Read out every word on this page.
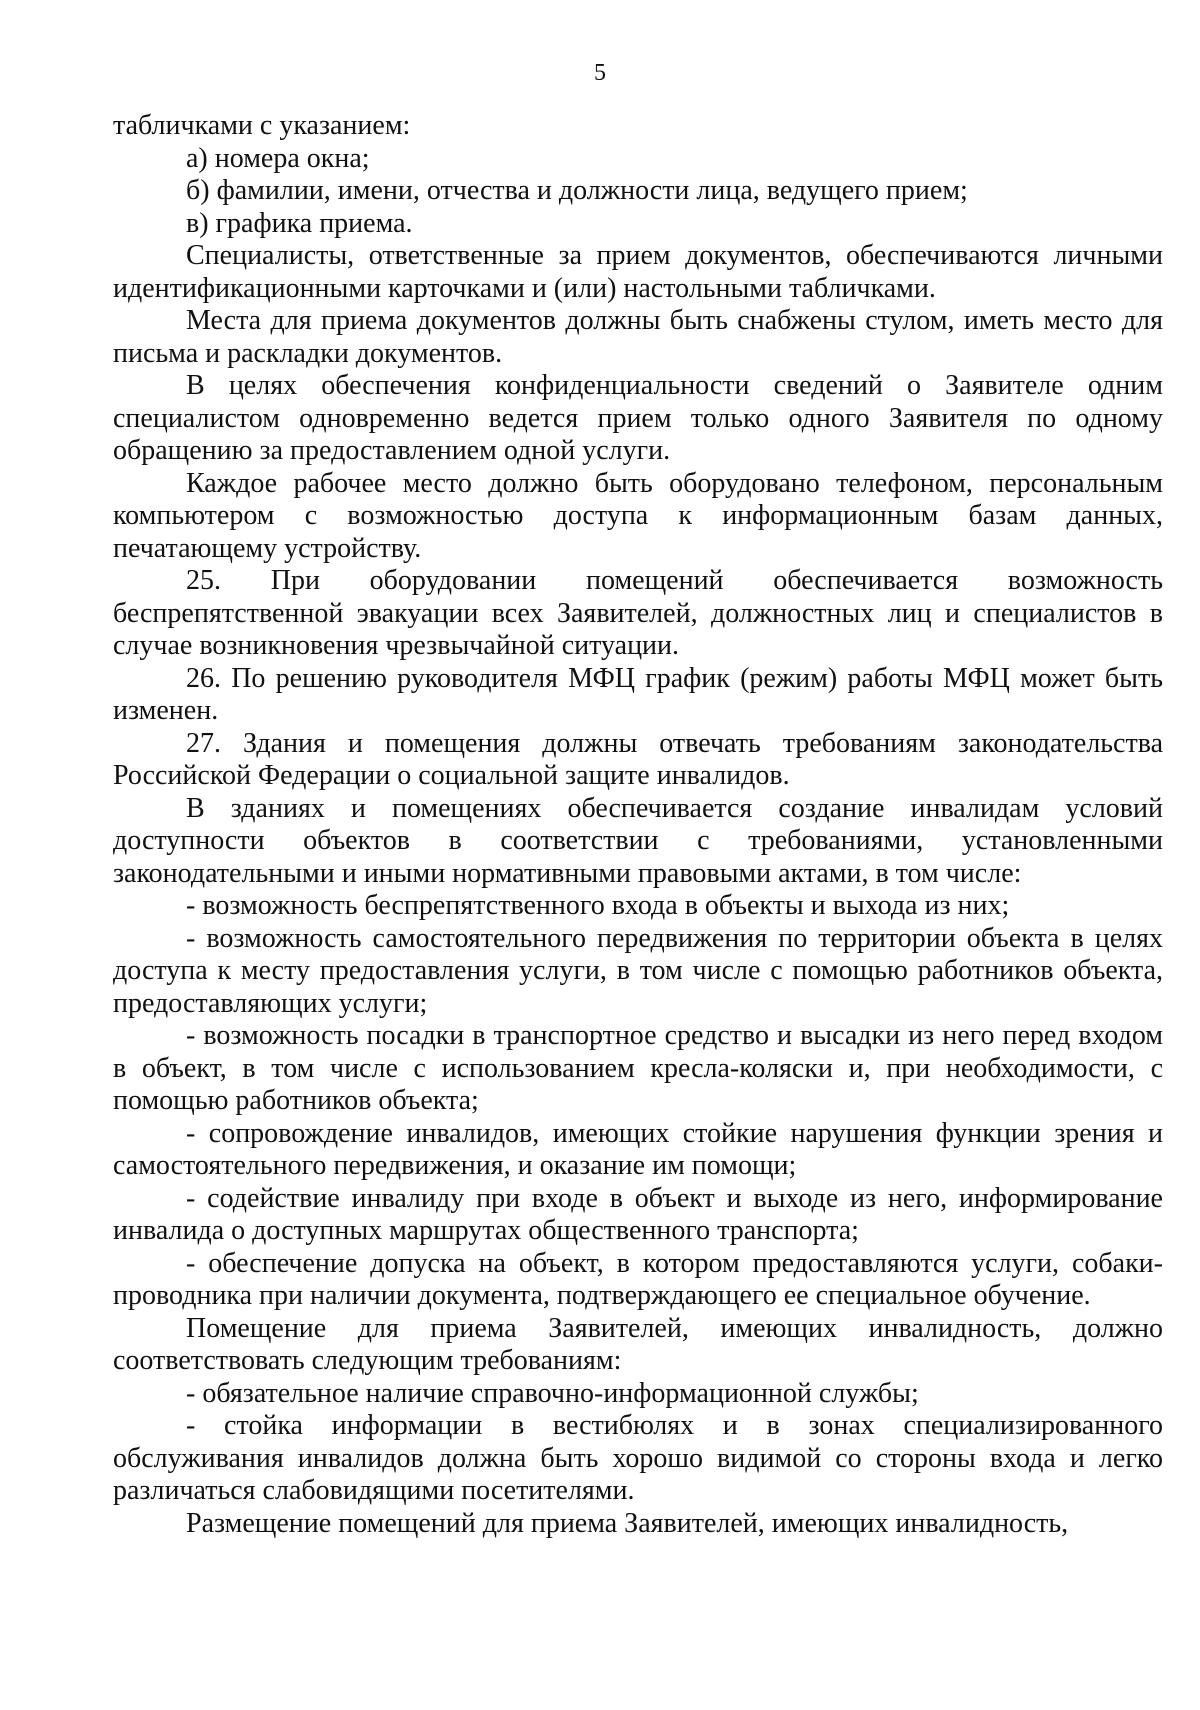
5

табличками с указанием:

а) номера окна;

б) фамилии, имени, отчества и должности лица, ведущего прием;

в) графика приема.

Специалисты, ответственные за прием документов, обеспечиваются личными идентификационными карточками и (или) настольными табличками.

Места для приема документов должны быть снабжены стулом, иметь место для письма и раскладки документов.

В целях обеспечения конфиденциальности сведений о Заявителе одним специалистом одновременно ведется прием только одного Заявителя по одному обращению за предоставлением одной услуги.

Каждое рабочее место должно быть оборудовано телефоном, персональным компьютером с возможностью доступа к информационным базам данных, печатающему устройству.

25. При оборудовании помещений обеспечивается возможность беспрепятственной эвакуации всех Заявителей, должностных лиц и специалистов в случае возникновения чрезвычайной ситуации.

26. По решению руководителя МФЦ график (режим) работы МФЦ может быть изменен.

27. Здания и помещения должны отвечать требованиям законодательства Российской Федерации о социальной защите инвалидов.

В зданиях и помещениях обеспечивается создание инвалидам условий доступности объектов в соответствии с требованиями, установленными законодательными и иными нормативными правовыми актами, в том числе:

- возможность беспрепятственного входа в объекты и выхода из них;

- возможность самостоятельного передвижения по территории объекта в целях доступа к месту предоставления услуги, в том числе с помощью работников объекта, предоставляющих услуги;

- возможность посадки в транспортное средство и высадки из него перед входом в объект, в том числе с использованием кресла-коляски и, при необходимости, с помощью работников объекта;

- сопровождение инвалидов, имеющих стойкие нарушения функции зрения и самостоятельного передвижения, и оказание им помощи;

- содействие инвалиду при входе в объект и выходе из него, информирование инвалида о доступных маршрутах общественного транспорта;

- обеспечение допуска на объект, в котором предоставляются услуги, собаки-проводника при наличии документа, подтверждающего ее специальное обучение.

Помещение для приема Заявителей, имеющих инвалидность, должно соответствовать следующим требованиям:

- обязательное наличие справочно-информационной службы;

- стойка информации в вестибюлях и в зонах специализированного обслуживания инвалидов должна быть хорошо видимой со стороны входа и легко различаться слабовидящими посетителями.

Размещение помещений для приема Заявителей, имеющих инвалидность,
